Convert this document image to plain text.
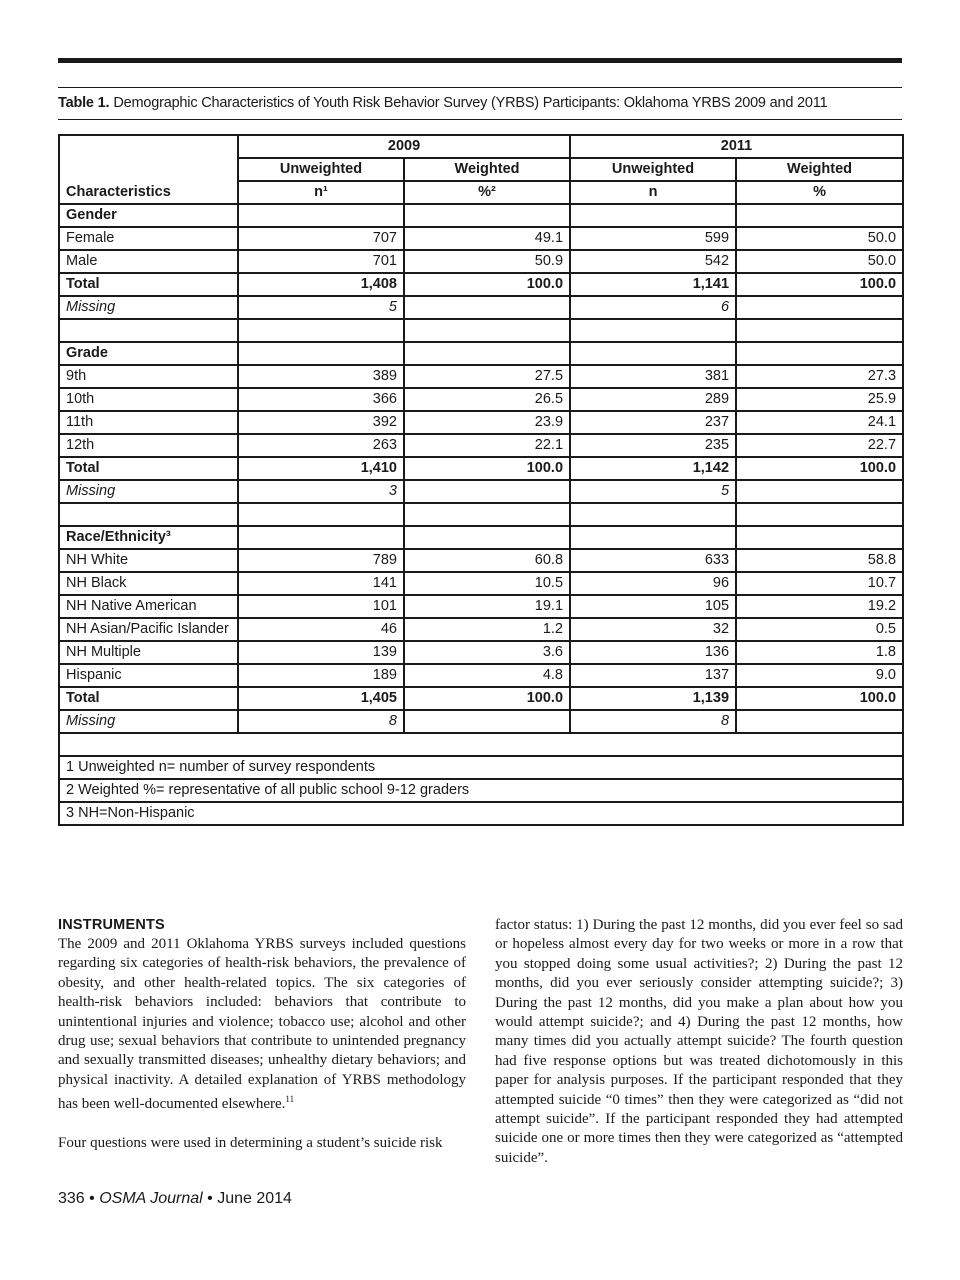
Table 1. Demographic Characteristics of Youth Risk Behavior Survey (YRBS) Participants: Oklahoma YRBS 2009 and 2011
Characteristics	2009		2011	
	Unweighted	Weighted	Unweighted	Weighted
	n¹	%²	n	%
Gender				
Female	707	49.1	599	50.0
Male	701	50.9	542	50.0
Total	1,408	100.0	1,141	100.0
Missing	5		6	

Grade				
9th	389	27.5	381	27.3
10th	366	26.5	289	25.9
11th	392	23.9	237	24.1
12th	263	22.1	235	22.7
Total	1,410	100.0	1,142	100.0
Missing	3		5	

Race/Ethnicity³				
NH White	789	60.8	633	58.8
NH Black	141	10.5	96	10.7
NH Native American	101	19.1	105	19.2
NH Asian/Pacific Islander	46	1.2	32	0.5
NH Multiple	139	3.6	136	1.8
Hispanic	189	4.8	137	9.0
Total	1,405	100.0	1,139	100.0
Missing	8		8	

1 Unweighted n= number of survey respondents				
2 Weighted %= representative of all public school 9-12 graders				
3 NH=Non-Hispanic				
INSTRUMENTS

The 2009 and 2011 Oklahoma YRBS surveys included questions regarding six categories of health-risk behaviors, the prevalence of obesity, and other health-related topics. The six categories of health-risk behaviors included: behaviors that contribute to unintentional injuries and violence; tobacco use; alcohol and other drug use; sexual behaviors that contribute to unintended pregnancy and sexually transmitted diseases; unhealthy dietary behaviors; and physical inactivity. A detailed explanation of YRBS methodology has been well-documented elsewhere.$^{11}$

Four questions were used in determining a student’s suicide risk

factor status: 1) During the past 12 months, did you ever feel so sad or hopeless almost every day for two weeks or more in a row that you stopped doing some usual activities?; 2) During the past 12 months, did you ever seriously consider attempting suicide?; 3) During the past 12 months, did you make a plan about how you would attempt suicide?; and 4) During the past 12 months, how many times did you actually attempt suicide? The fourth question had five response options but was treated dichotomously in this paper for analysis purposes. If the participant responded that they attempted suicide “0 times” then they were categorized as “did not attempt suicide”. If the participant responded they had attempted suicide one or more times then they were categorized as “attempted suicide”.

336 • OSMA Journal • June 2014
